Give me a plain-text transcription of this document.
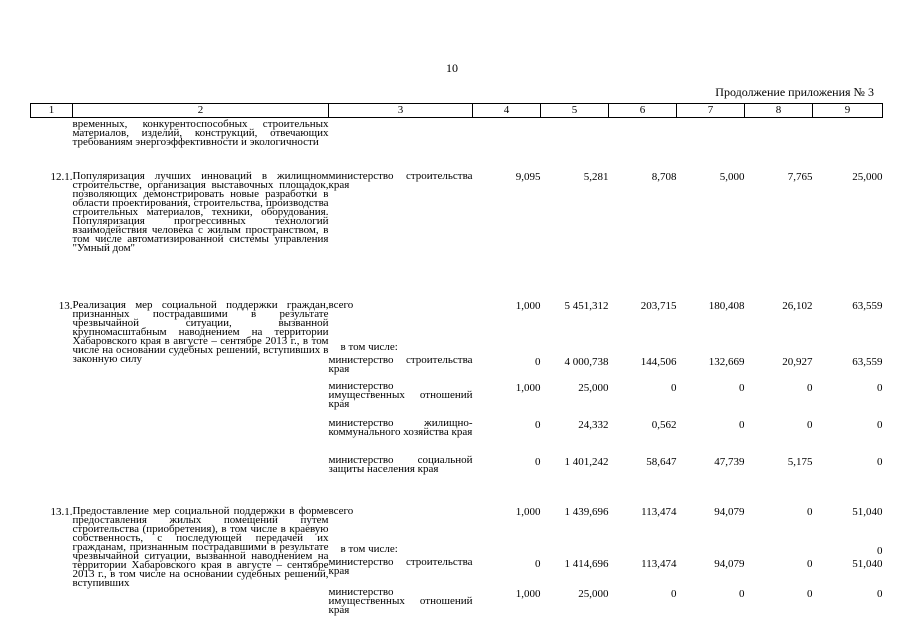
10
Продолжение приложения № 3
1	2	3	4	5	6	7	8	9
	временных, конкурентоспособных строительных материалов, изделий, конструкций, отвечающих требованиям энергоэффективности и экологичности							
12.1.	Популяризация лучших инноваций в жилищном строительстве, организация выставочных площадок, позволяющих демонстрировать новые разработки в области проектирования, строительства, производства строительных материалов, техники, оборудования. Популяризация прогрессивных технологий взаимодействия человека с жилым пространством, в том числе автоматизированной системы управления "Умный дом"	министерство строительства края	9,095	5,281	8,708	5,000	7,765	25,000
13.	Реализация мер социальной поддержки граждан, признанных пострадавшими в результате чрезвычайной ситуации, вызванной крупномасштабным наводнением на территории Хабаровского края в августе – сентябре 2013 г., в том числе на основании судебных решений, вступивших в законную силу	всего	1,000	5 451,312	203,715	180,408	26,102	63,559
		в том числе:						
		министерство строительства края	0	4 000,738	144,506	132,669	20,927	63,559
		министерство имущественных отношений края	1,000	25,000	0	0	0	0
		министерство жилищно-коммунального хозяйства края	0	24,332	0,562	0	0	0
		министерство социальной защиты населения края	0	1 401,242	58,647	47,739	5,175	0
13.1.	Предоставление мер социальной поддержки в форме предоставления жилых помещений путем строительства (приобретения), в том числе в краевую собственность, с последующей передачей их гражданам, признанным пострадавшими в результате чрезвычайной ситуации, вызванной наводнением на территории Хабаровского края в августе – сентябре 2013 г., в том числе на основании судебных решений, вступивших	всего	1,000	1 439,696	113,474	94,079	0	51,040
		в том числе:						0
		министерство строительства края	0	1 414,696	113,474	94,079	0	51,040
		министерство имущественных отношений края	1,000	25,000	0	0	0	0
